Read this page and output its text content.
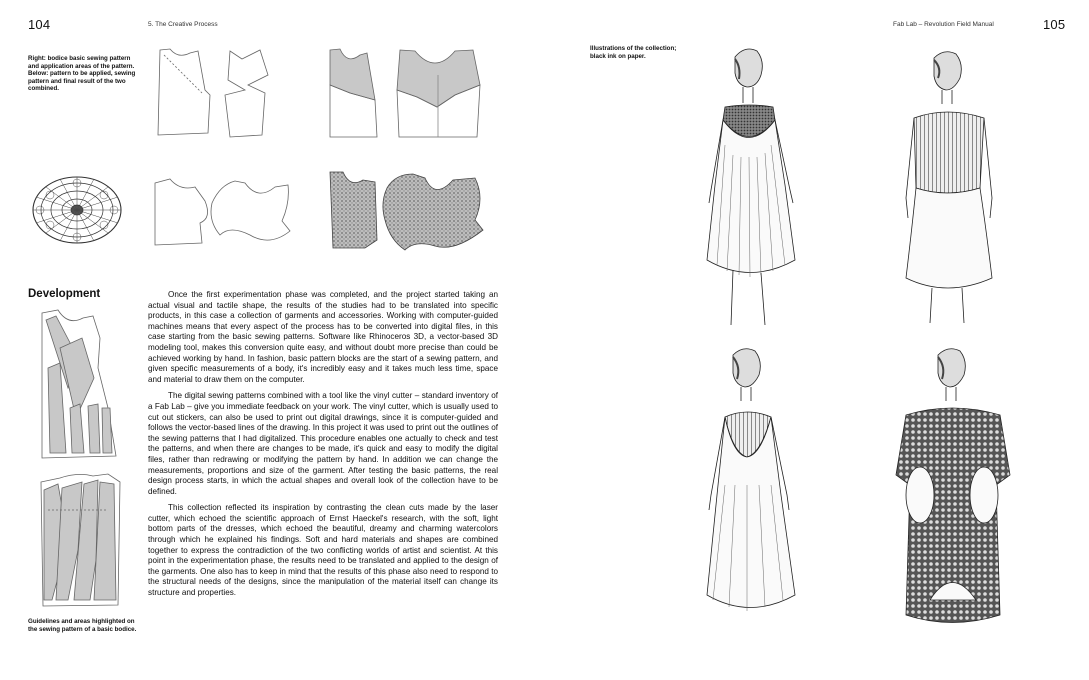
104	5. The Creative Process	Fab Lab – Revolution Field Manual	105
Right: bodice basic sewing pattern and application areas of the pattern. Below: pattern to be applied, sewing pattern and final result of the two combined.
Development
Guidelines and areas highlighted on the sewing pattern of a basic bodice.

Once the first experimentation phase was completed, and the project started taking an actual visual and tactile shape, the results of the studies had to be translated into specific products, in this case a collection of garments and accessories. Working with computer-guided machines means that every aspect of the process has to be converted into digital files, in this case starting from the basic sewing patterns. Software like Rhinoceros 3D, a vector-based 3D modeling tool, makes this conversion quite easy, and without doubt more precise than could be achieved working by hand. In fashion, basic pattern blocks are the start of a sewing pattern, and given specific measurements of a body, it's incredibly easy and it takes much less time, space and material to draw them on the computer.

The digital sewing patterns combined with a tool like the vinyl cutter – standard inventory of a Fab Lab – give you immediate feedback on your work. The vinyl cutter, which is usually used to cut out stickers, can also be used to print out digital drawings, since it is computer-guided and follows the vector-based lines of the drawing. In this project it was used to print out the outlines of the sewing patterns that I had digitalized. This procedure enables one actually to check and test the patterns, and when there are changes to be made, it's quick and easy to modify the digital files, rather than redrawing or modifying the pattern by hand. In addition we can change the measurements, proportions and size of the garment. After testing the basic patterns, the real design process starts, in which the actual shapes and overall look of the collection have to be defined.

This collection reflected its inspiration by contrasting the clean cuts made by the laser cutter, which echoed the scientific approach of Ernst Haeckel's research, with the soft, light bottom parts of the dresses, which echoed the beautiful, dreamy and charming watercolors through which he explained his findings. Soft and hard materials and shapes are combined together to express the contradiction of the two conflicting worlds of artist and scientist. At this point in the experimentation phase, the results need to be translated and applied to the design of the garments. One also has to keep in mind that the results of this phase also need to respond to the structural needs of the designs, since the manipulation of the material itself can change its structure and properties.

Illustrations of the collection; black ink on paper.
